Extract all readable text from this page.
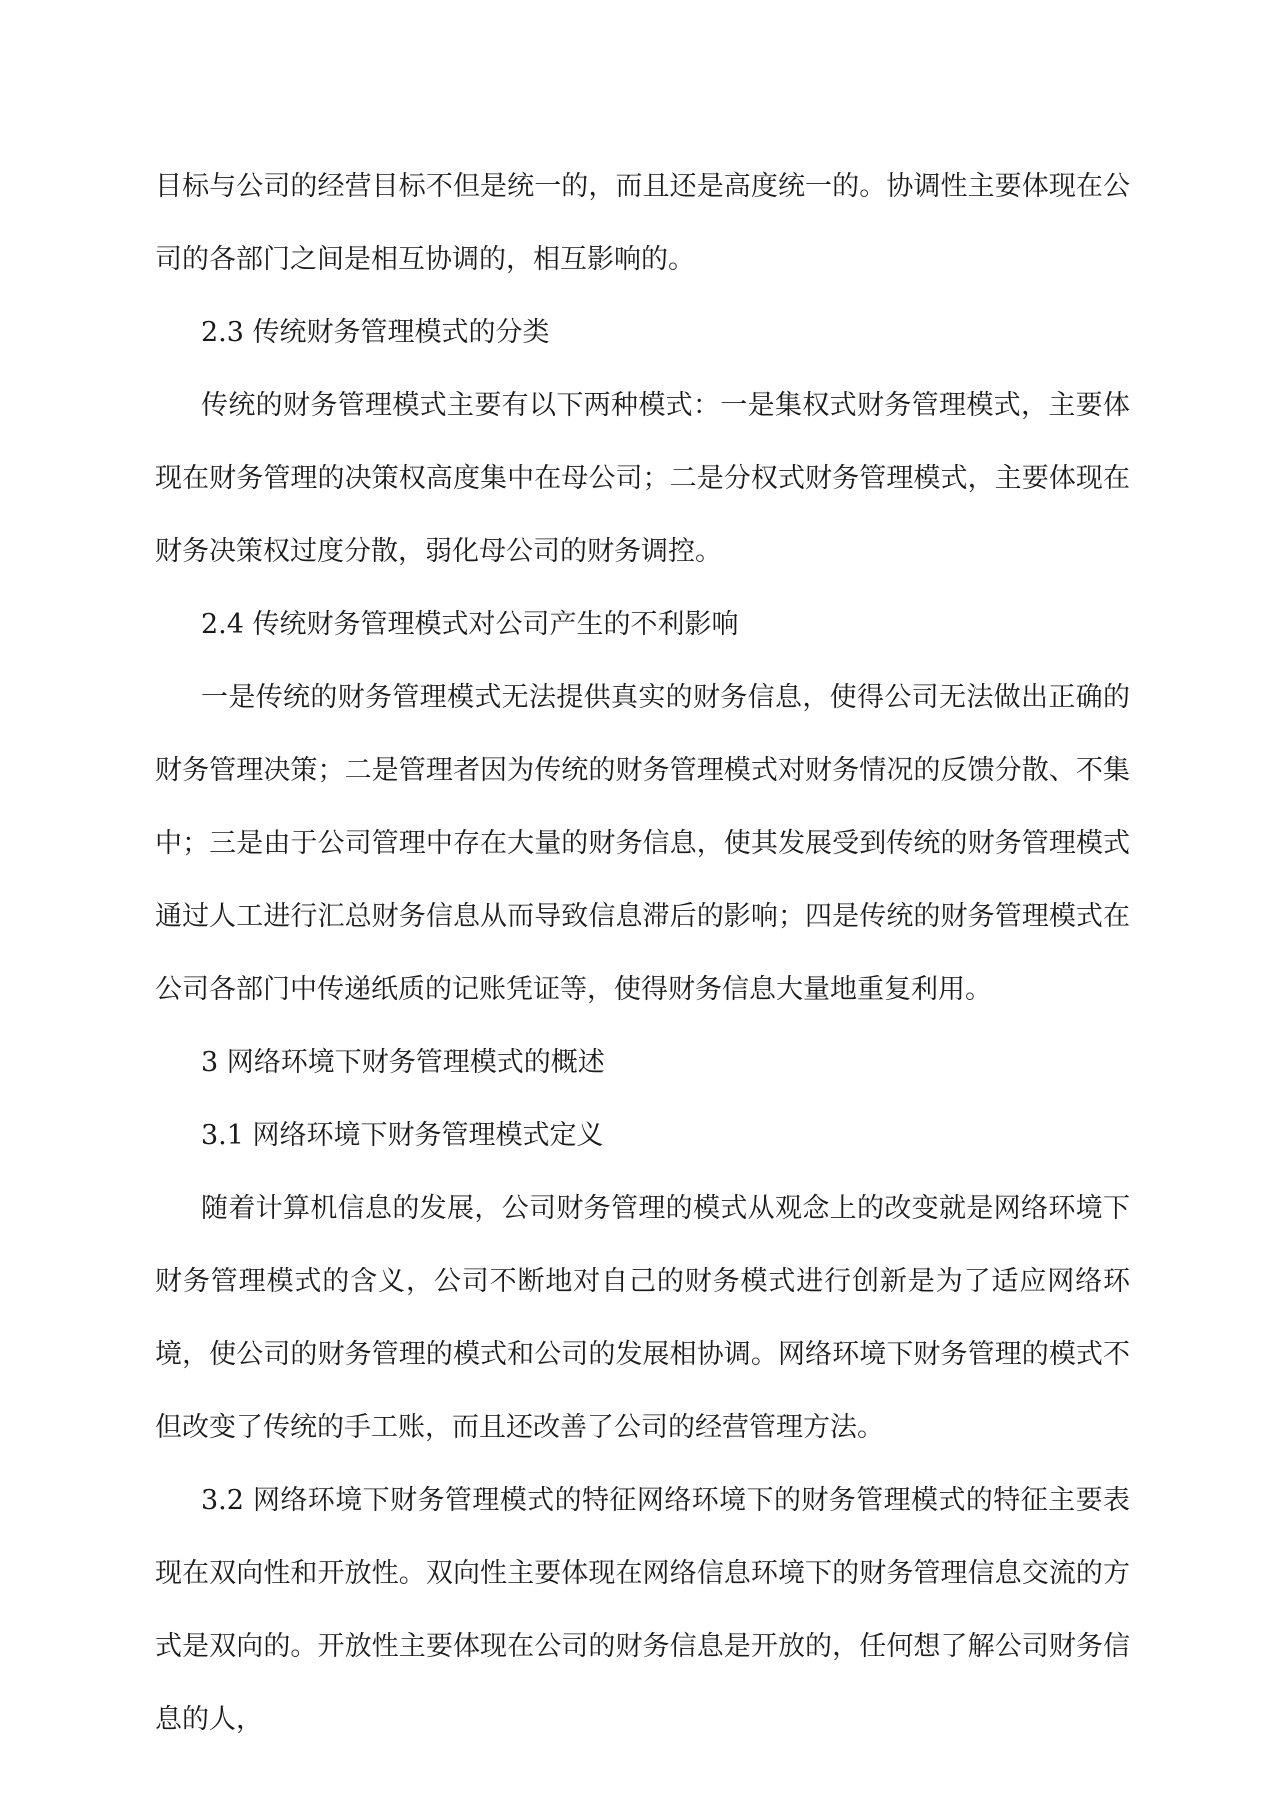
目标与公司的经营目标不但是统一的，而且还是高度统一的。协调性主要体现在公司的各部门之间是相互协调的，相互影响的。

2.3 传统财务管理模式的分类

传统的财务管理模式主要有以下两种模式：一是集权式财务管理模式，主要体现在财务管理的决策权高度集中在母公司；二是分权式财务管理模式，主要体现在财务决策权过度分散，弱化母公司的财务调控。

2.4 传统财务管理模式对公司产生的不利影响

一是传统的财务管理模式无法提供真实的财务信息，使得公司无法做出正确的财务管理决策；二是管理者因为传统的财务管理模式对财务情况的反馈分散、不集中；三是由于公司管理中存在大量的财务信息，使其发展受到传统的财务管理模式通过人工进行汇总财务信息从而导致信息滞后的影响；四是传统的财务管理模式在公司各部门中传递纸质的记账凭证等，使得财务信息大量地重复利用。

3 网络环境下财务管理模式的概述

3.1 网络环境下财务管理模式定义

随着计算机信息的发展，公司财务管理的模式从观念上的改变就是网络环境下财务管理模式的含义，公司不断地对自己的财务模式进行创新是为了适应网络环境，使公司的财务管理的模式和公司的发展相协调。网络环境下财务管理的模式不但改变了传统的手工账，而且还改善了公司的经营管理方法。

3.2 网络环境下财务管理模式的特征网络环境下的财务管理模式的特征主要表现在双向性和开放性。双向性主要体现在网络信息环境下的财务管理信息交流的方式是双向的。开放性主要体现在公司的财务信息是开放的，任何想了解公司财务信息的人，
